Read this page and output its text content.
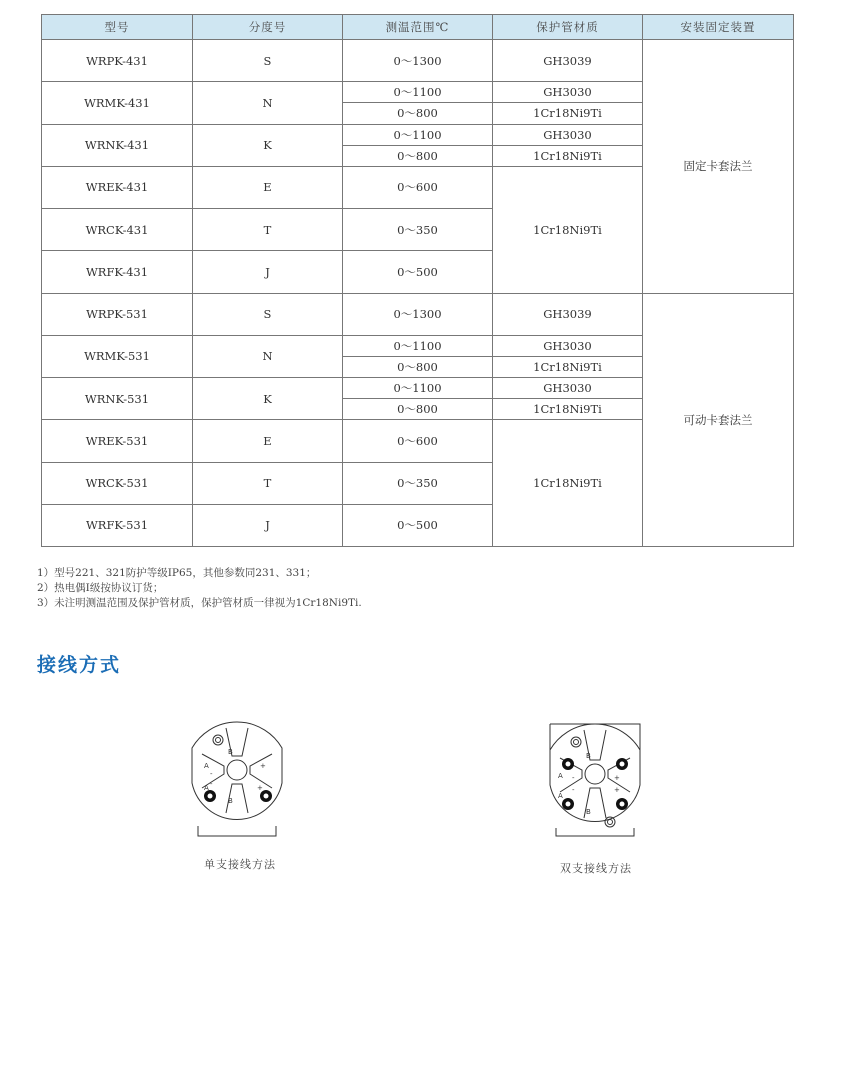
型号	分度号	测温范围℃	保护管材质	安装固定装置
WRPK-431	S	0～1300	GH3039	固定卡套法兰

WRMK-431	N	0～1100	GH3030	
		0～800	1Cr18Ni9Ti	
WRNK-431	K	0～1100	GH3030	
		0～800	1Cr18Ni9Ti	
WREK-431	E	0～600	1Cr18Ni9Ti	

WRCK-431	T	0～350		

WRFK-431	J	0～500		

WRPK-531	S	0～1300	GH3039	可动卡套法兰

WRMK-531	N	0～1100	GH3030	
		0～800	1Cr18Ni9Ti	
WRNK-531	K	0～1100	GH3030	
		0～800	1Cr18Ni9Ti	
WREK-531	E	0～600	1Cr18Ni9Ti	

WRCK-531	T	0～350		

WRFK-531	J	0～500		

1）型号221、321防护等级IP65，其他参数同231、331；
2）热电偶I级按协议订货；
3）未注明测温范围及保护管材质，保护管材质一律视为1Cr18Ni9Ti.
接线方式
A
B
-
+
A
B
-	+
单支接线方法
A
B
-	+
A
B
-	+
双支接线方法
